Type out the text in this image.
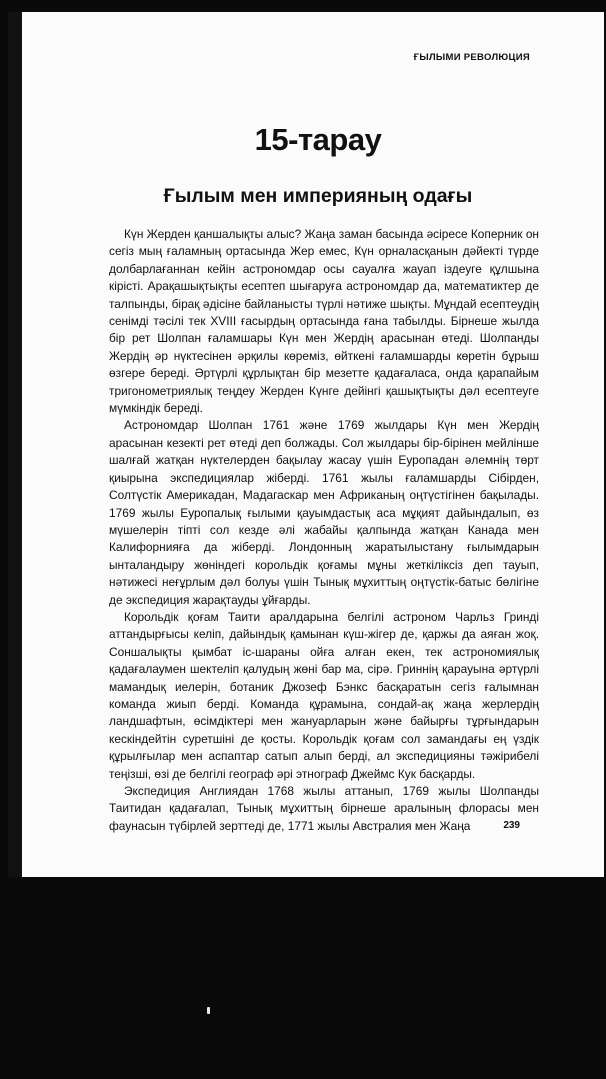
ҒЫЛЫМИ РЕВОЛЮЦИЯ
15-тарау
Ғылым мен империяның одағы

Күн Жерден қаншалықты алыс? Жаңа заман басында әсіресе Коперник он сегіз мың ғаламның ортасында Жер емес, Күн орналасқанын дәйекті түрде долбарлағаннан кейін астрономдар осы сауалға жауап іздеуге құлшына кірісті. Арақашықтықты есептеп шығаруға астрономдар да, математиктер де талпынды, бірақ әдісіне байланысты түрлі нәтиже шықты. Мұндай есептеудің сенімді тәсілі тек XVIII ғасырдың ортасында ғана табылды. Бірнеше жылда бір рет Шолпан ғаламшары Күн мен Жердің арасынан өтеді. Шолпанды Жердің әр нүктесінен әрқилы көреміз, өйткені ғаламшарды көретін бұрыш өзгере береді. Әртүрлі құрлықтан бір мезетте қадағаласа, онда қарапайым тригонометриялық теңдеу Жерден Күнге дейінгі қашықтықты дәл есептеуге мүмкіндік береді.

Астрономдар Шолпан 1761 және 1769 жылдары Күн мен Жердің арасынан кезекті рет өтеді деп болжады. Сол жылдары бір-бірінен мейлінше шалғай жатқан нүктелерден бақылау жасау үшін Еуропадан әлемнің төрт қиырына экспедициялар жіберді. 1761 жылы ғаламшарды Сібірден, Солтүстік Америкадан, Мадагаскар мен Африканың оңтүстігінен бақылады. 1769 жылы Еуропалық ғылыми қауымдастық аса мұқият дайындалып, өз мүшелерін тіпті сол кезде әлі жабайы қалпында жатқан Канада мен Калифорнияға да жіберді. Лондонның жаратылыстану ғылымдарын ынталандыру жөніндегі корольдік қоғамы мұны жеткіліксіз деп тауып, нәтижесі неғұрлым дәл болуы үшін Тынық мұхиттың оңтүстік-батыс бөлігіне де экспедиция жарақтауды ұйғарды.

Корольдік қоғам Таити аралдарына белгілі астроном Чарльз Гринді аттандырғысы келіп, дайындық қамынан күш-жігер де, қаржы да аяған жоқ. Соншалықты қымбат іс-шараны ойға алған екен, тек астрономиялық қадағалаумен шектеліп қалудың жөні бар ма, сірә. Гриннің қарауына әртүрлі мамандық иелерін, ботаник Джозеф Бэнкс басқаратын сегіз ғалымнан команда жиып берді. Команда құрамына, сондай-ақ жаңа жерлердің ландшафтын, өсімдіктері мен жануарларын және байырғы тұрғындарын кескіндейтін суретшіні де қосты. Корольдік қоғам сол замандағы ең үздік құрылғылар мен аспаптар сатып алып берді, ал экспедицияны тәжірибелі теңізші, өзі де белгілі географ әрі этнограф Джеймс Кук басқарды.

Экспедиция Англиядан 1768 жылы аттанып, 1769 жылы Шолпанды Таитидан қадағалап, Тынық мұхиттың бірнеше аралының флорасы мен фаунасын түбірлей зерттеді де, 1771 жылы Австралия мен Жаңа	239
